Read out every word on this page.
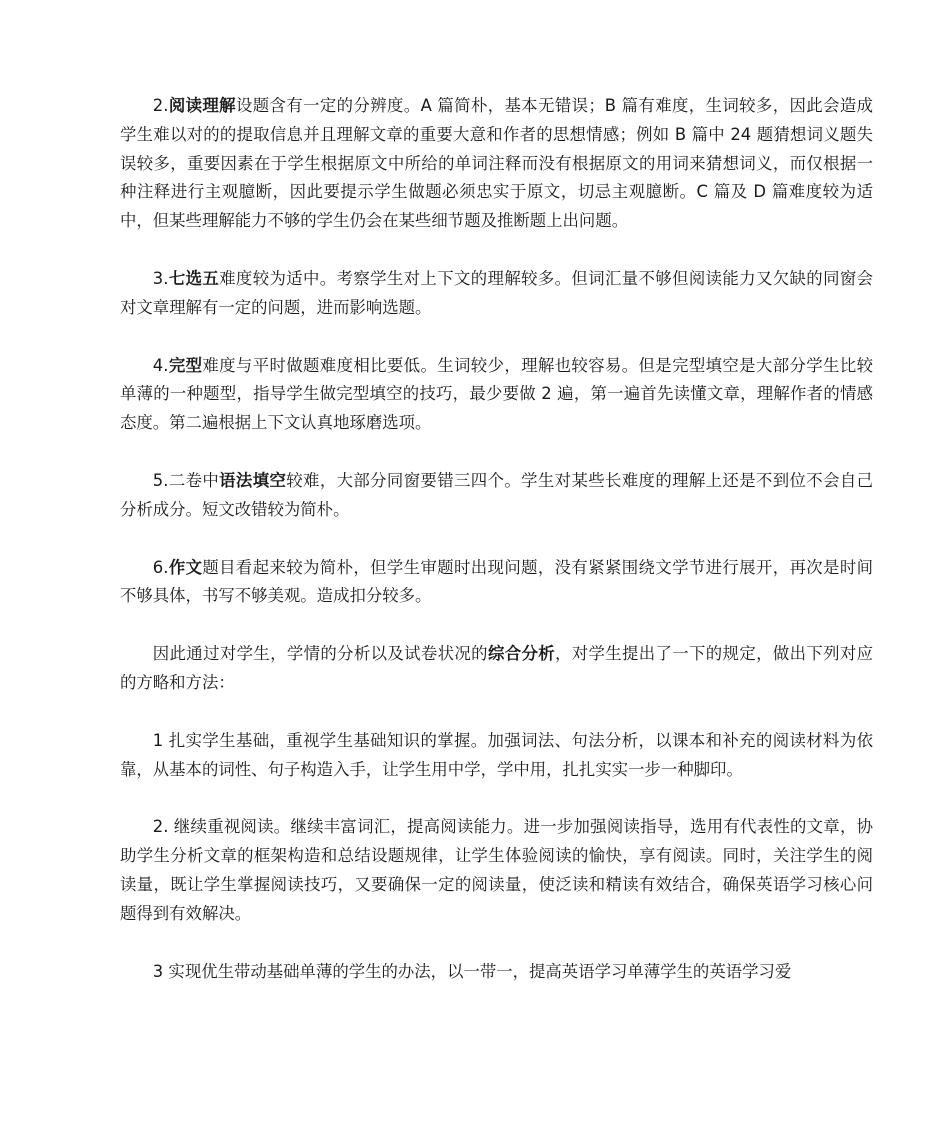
2.阅读理解设题含有一定的分辨度。A 篇简朴，基本无错误；B 篇有难度，生词较多，因此会造成学生难以对的的提取信息并且理解文章的重要大意和作者的思想情感；例如 B 篇中 24 题猜想词义题失误较多，重要因素在于学生根据原文中所给的单词注释而没有根据原文的用词来猜想词义，而仅根据一种注释进行主观臆断，因此要提示学生做题必须忠实于原文，切忌主观臆断。C 篇及 D 篇难度较为适中，但某些理解能力不够的学生仍会在某些细节题及推断题上出问题。

3.七选五难度较为适中。考察学生对上下文的理解较多。但词汇量不够但阅读能力又欠缺的同窗会对文章理解有一定的问题，进而影响选题。

4.完型难度与平时做题难度相比要低。生词较少，理解也较容易。但是完型填空是大部分学生比较单薄的一种题型，指导学生做完型填空的技巧，最少要做 2 遍，第一遍首先读懂文章，理解作者的情感态度。第二遍根据上下文认真地琢磨选项。

5.二卷中语法填空较难，大部分同窗要错三四个。学生对某些长难度的理解上还是不到位不会自己分析成分。短文改错较为简朴。

6.作文题目看起来较为简朴，但学生审题时出现问题，没有紧紧围绕文学节进行展开，再次是时间不够具体，书写不够美观。造成扣分较多。

因此通过对学生，学情的分析以及试卷状况的综合分析，对学生提出了一下的规定，做出下列对应的方略和方法：

1 扎实学生基础，重视学生基础知识的掌握。加强词法、句法分析，以课本和补充的阅读材料为依靠，从基本的词性、句子构造入手，让学生用中学，学中用，扎扎实实一步一种脚印。

2. 继续重视阅读。继续丰富词汇，提高阅读能力。进一步加强阅读指导，选用有代表性的文章，协助学生分析文章的框架构造和总结设题规律，让学生体验阅读的愉快，享有阅读。同时，关注学生的阅读量，既让学生掌握阅读技巧，又要确保一定的阅读量，使泛读和精读有效结合，确保英语学习核心问题得到有效解决。

3 实现优生带动基础单薄的学生的办法，以一带一，提高英语学习单薄学生的英语学习爱
